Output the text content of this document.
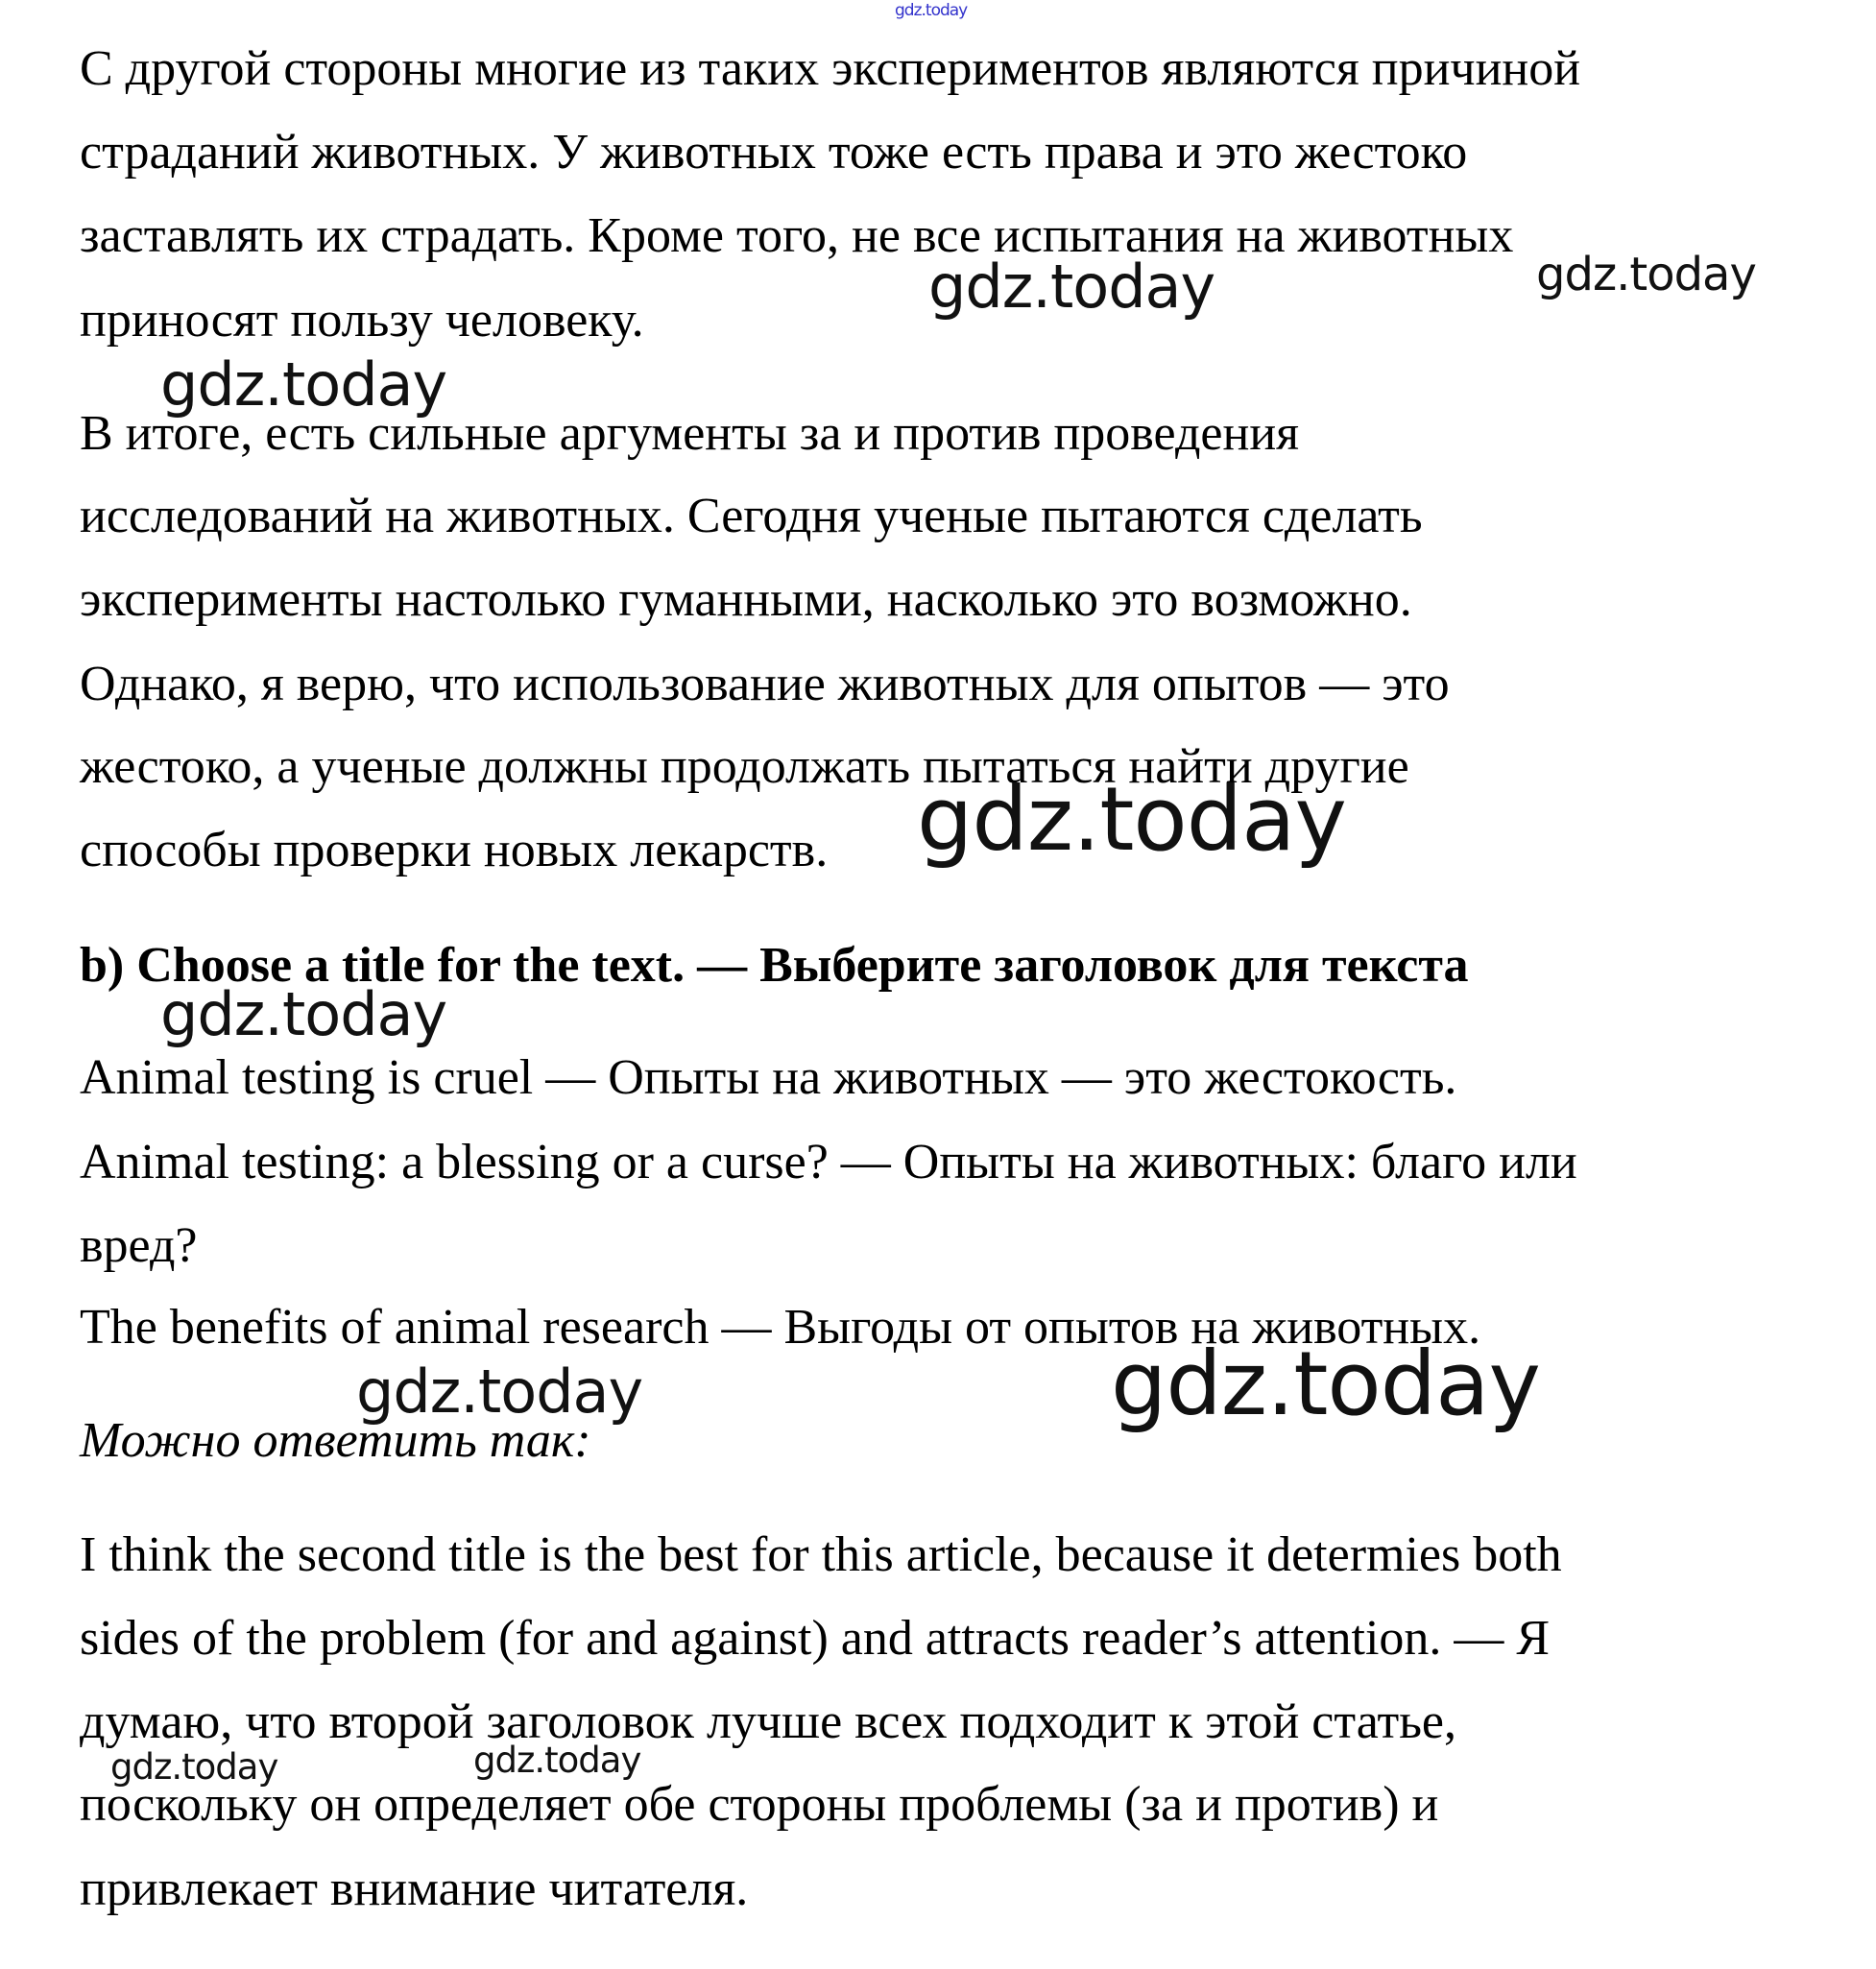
gdz.today
С другой стороны многие из таких экспериментов являются причиной
страданий животных. У животных тоже есть права и это жестоко
заставлять их страдать. Кроме того, не все испытания на животных
приносят пользу человеку.
В итоге, есть сильные аргументы за и против проведения
исследований на животных. Сегодня ученые пытаются сделать
эксперименты настолько гуманными, насколько это возможно.
Однако, я верю, что использование животных для опытов — это
жестоко, а ученые должны продолжать пытаться найти другие
способы проверки новых лекарств.
b) Choose a title for the text. — Выберите заголовок для текста
Animal testing is cruel — Опыты на животных — это жестокость.
Animal testing: a blessing or a curse? — Опыты на животных: благо или
вред?
The benefits of animal research — Выгоды от опытов на животных.
Можно ответить так:
I think the second title is the best for this article, because it determies both
sides of the problem (for and against) and attracts reader’s attention. — Я
думаю, что второй заголовок лучше всех подходит к этой статье,
поскольку он определяет обе стороны проблемы (за и против) и
привлекает внимание читателя.
gdz.today	gdz.today
gdz.today
gdz.today
gdz.today
gdz.today	gdz.today
gdz.today	gdz.today
